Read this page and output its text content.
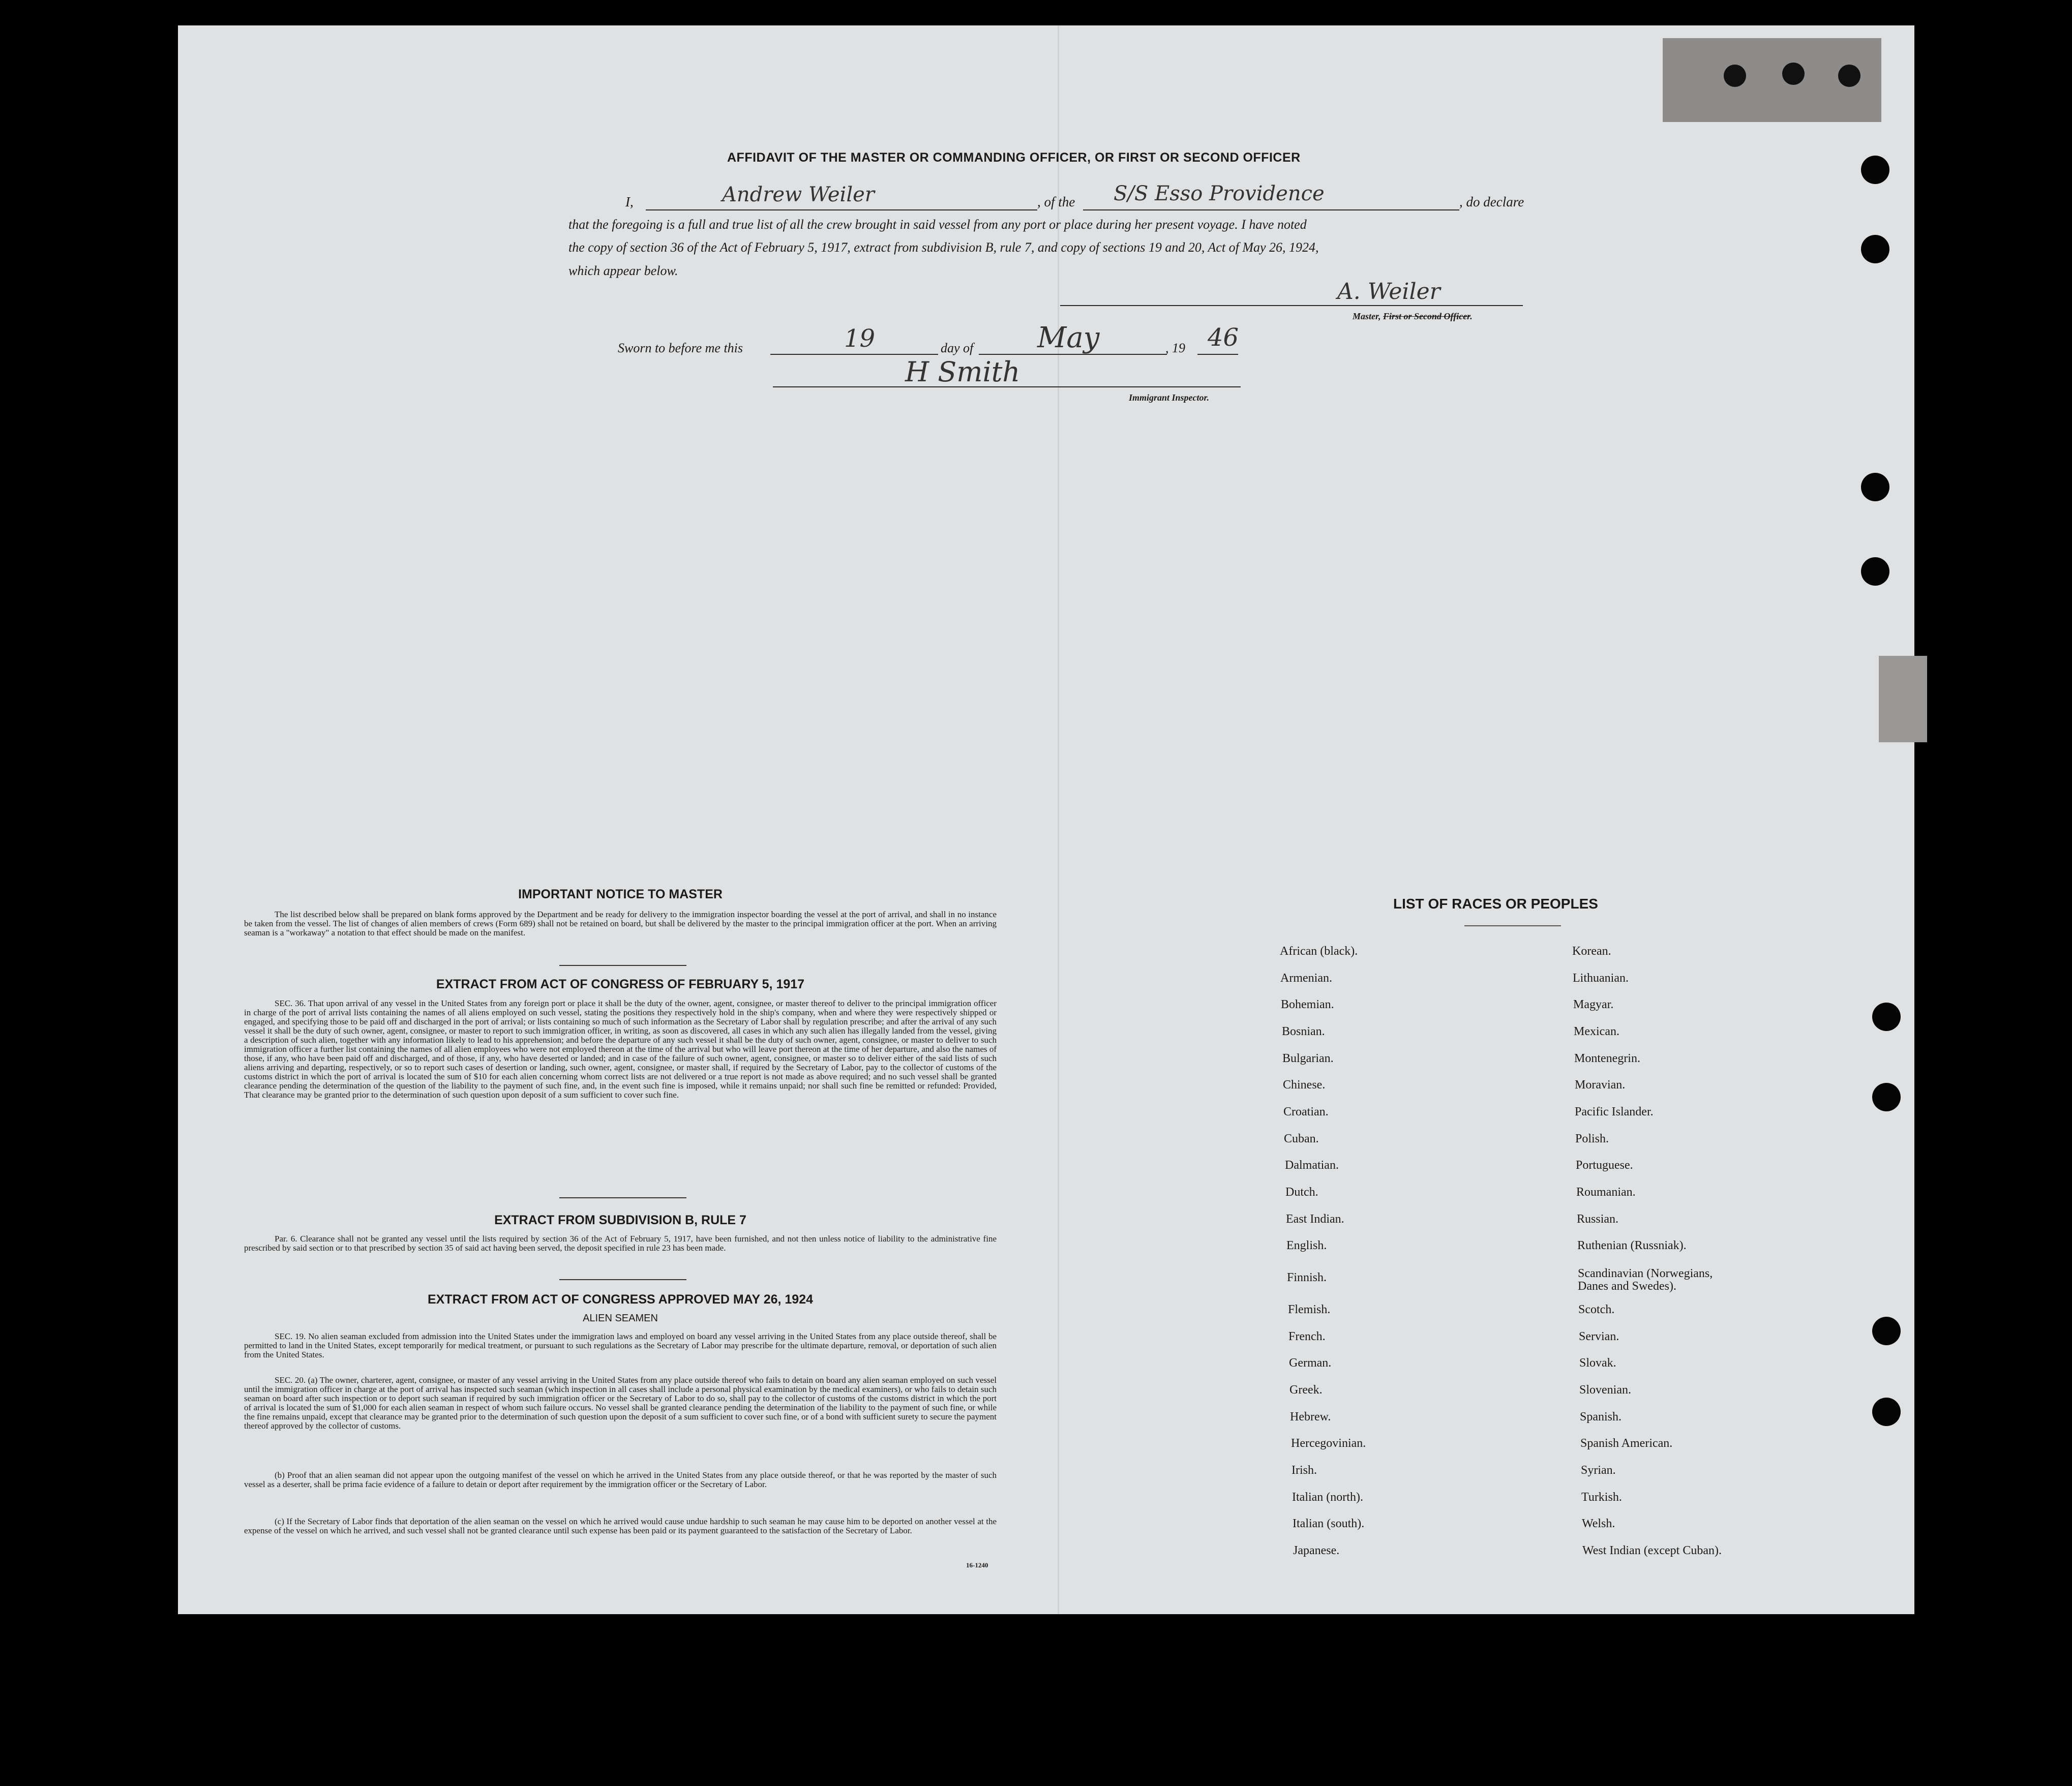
AFFIDAVIT OF THE MASTER OR COMMANDING OFFICER, OR FIRST OR SECOND OFFICER
I,	Andrew Weiler	, of the S/S Esso Providence	, do declare
that the foregoing is a full and true list of all the crew brought in said vessel from any port or place during her present voyage. I have noted
the copy of section 36 of the Act of February 5, 1917, extract from subdivision B, rule 7, and copy of sections 19 and 20, Act of May 26, 1924,
which appear below.
A. Weiler
Master, First or Second Officer.
Sworn to before me this	19	day of May	, 19 46
H Smith
Immigrant Inspector.
IMPORTANT NOTICE TO MASTER
The list described below shall be prepared on blank forms approved by the Department and be ready for delivery to the immigration inspector boarding the vessel at the port of arrival, and shall in no instance be taken from the vessel. The list of changes of alien members of crews (Form 689) shall not be retained on board, but shall be delivered by the master to the principal immigration officer at the port. When an arriving seaman is a "workaway" a notation to that effect should be made on the manifest.
EXTRACT FROM ACT OF CONGRESS OF FEBRUARY 5, 1917
SEC. 36. That upon arrival of any vessel in the United States from any foreign port or place it shall be the duty of the owner, agent, consignee, or master thereof to deliver to the principal immigration officer in charge of the port of arrival lists containing the names of all aliens employed on such vessel, stating the positions they respectively hold in the ship's company, when and where they were respectively shipped or engaged, and specifying those to be paid off and discharged in the port of arrival; or lists containing so much of such information as the Secretary of Labor shall by regulation prescribe; and after the arrival of any such vessel it shall be the duty of such owner, agent, consignee, or master to report to such immigration officer, in writing, as soon as discovered, all cases in which any such alien has illegally landed from the vessel, giving a description of such alien, together with any information likely to lead to his apprehension; and before the departure of any such vessel it shall be the duty of such owner, agent, consignee, or master to deliver to such immigration officer a further list containing the names of all alien employees who were not employed thereon at the time of the arrival but who will leave port thereon at the time of her departure, and also the names of those, if any, who have been paid off and discharged, and of those, if any, who have deserted or landed; and in case of the failure of such owner, agent, consignee, or master so to deliver either of the said lists of such aliens arriving and departing, respectively, or so to report such cases of desertion or landing, such owner, agent, consignee, or master shall, if required by the Secretary of Labor, pay to the collector of customs of the customs district in which the port of arrival is located the sum of $10 for each alien concerning whom correct lists are not delivered or a true report is not made as above required; and no such vessel shall be granted clearance pending the determination of the question of the liability to the payment of such fine, and, in the event such fine is imposed, while it remains unpaid; nor shall such fine be remitted or refunded: Provided, That clearance may be granted prior to the determination of such question upon deposit of a sum sufficient to cover such fine.
EXTRACT FROM SUBDIVISION B, RULE 7
Par. 6. Clearance shall not be granted any vessel until the lists required by section 36 of the Act of February 5, 1917, have been furnished, and not then unless notice of liability to the administrative fine prescribed by said section or to that prescribed by section 35 of said act having been served, the deposit specified in rule 23 has been made.
EXTRACT FROM ACT OF CONGRESS APPROVED MAY 26, 1924
ALIEN SEAMEN
SEC. 19. No alien seaman excluded from admission into the United States under the immigration laws and employed on board any vessel arriving in the United States from any place outside thereof, shall be permitted to land in the United States, except temporarily for medical treatment, or pursuant to such regulations as the Secretary of Labor may prescribe for the ultimate departure, removal, or deportation of such alien from the United States.
SEC. 20. (a) The owner, charterer, agent, consignee, or master of any vessel arriving in the United States from any place outside thereof who fails to detain on board any alien seaman employed on such vessel until the immigration officer in charge at the port of arrival has inspected such seaman (which inspection in all cases shall include a personal physical examination by the medical examiners), or who fails to detain such seaman on board after such inspection or to deport such seaman if required by such immigration officer or the Secretary of Labor to do so, shall pay to the collector of customs of the customs district in which the port of arrival is located the sum of $1,000 for each alien seaman in respect of whom such failure occurs. No vessel shall be granted clearance pending the determination of the liability to the payment of such fine, or while the fine remains unpaid, except that clearance may be granted prior to the determination of such question upon the deposit of a sum sufficient to cover such fine, or of a bond with sufficient surety to secure the payment thereof approved by the collector of customs.
(b) Proof that an alien seaman did not appear upon the outgoing manifest of the vessel on which he arrived in the United States from any place outside thereof, or that he was reported by the master of such vessel as a deserter, shall be prima facie evidence of a failure to detain or deport after requirement by the immigration officer or the Secretary of Labor.
(c) If the Secretary of Labor finds that deportation of the alien seaman on the vessel on which he arrived would cause undue hardship to such seaman he may cause him to be deported on another vessel at the expense of the vessel on which he arrived, and such vessel shall not be granted clearance until such expense has been paid or its payment guaranteed to the satisfaction of the Secretary of Labor.
16-1240
LIST OF RACES OR PEOPLES
African (black).
Armenian.
Bohemian.
Bosnian.
Bulgarian.
Chinese.
Croatian.
Cuban.
Dalmatian.
Dutch.
East Indian.
English.
Finnish.
Flemish.
French.
German.
Greek.
Hebrew.
Hercegovinian.
Irish.
Italian (north).
Italian (south).
Japanese.
Korean.
Lithuanian.
Magyar.
Mexican.
Montenegrin.
Moravian.
Pacific Islander.
Polish.
Portuguese.
Roumanian.
Russian.
Ruthenian (Russniak).
Scandinavian (Norwegians, Danes and Swedes).
Scotch.
Servian.
Slovak.
Slovenian.
Spanish.
Spanish American.
Syrian.
Turkish.
Welsh.
West Indian (except Cuban).
